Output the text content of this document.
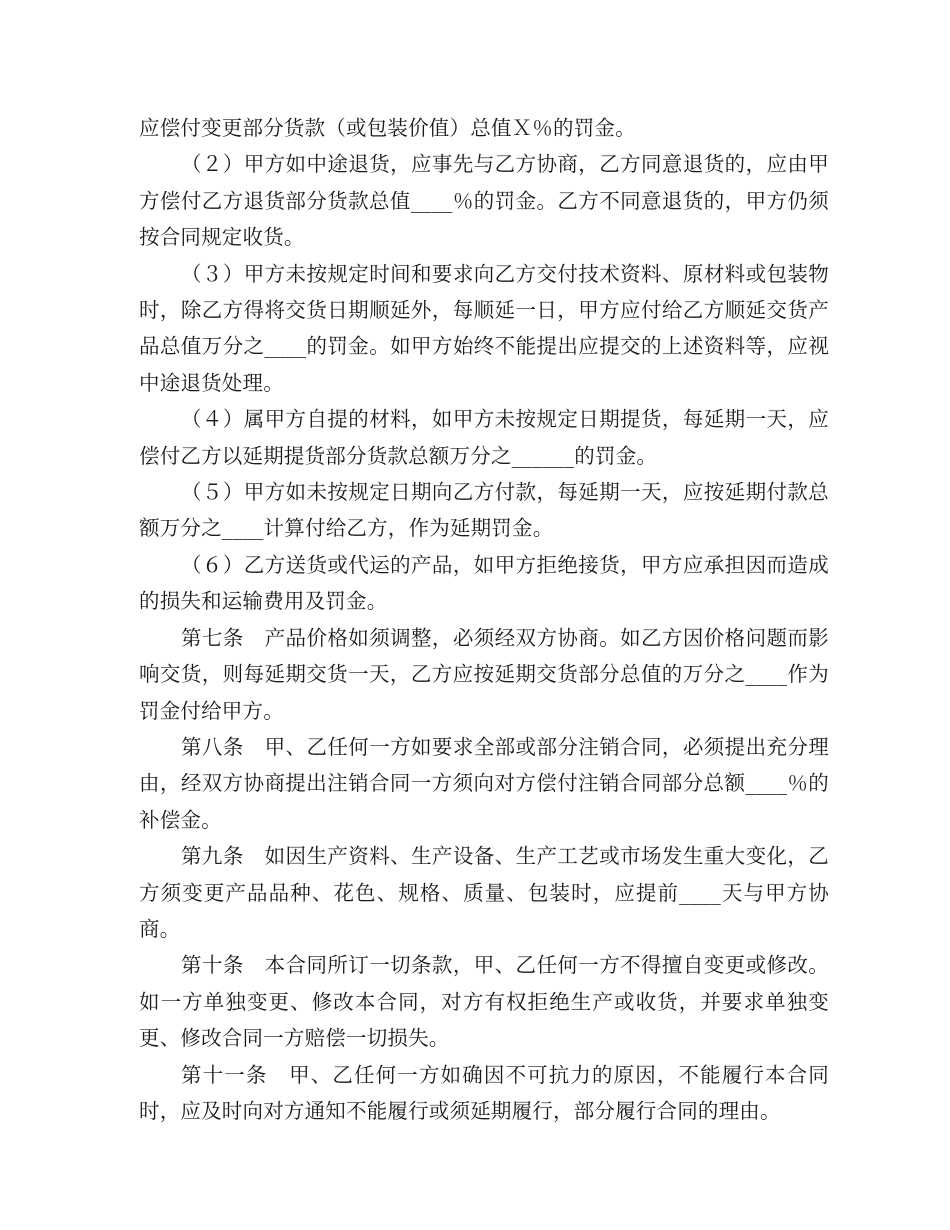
应偿付变更部分货款（或包装价值）总值Ｘ％的罚金。

（２）甲方如中途退货，应事先与乙方协商，乙方同意退货的，应由甲方偿付乙方退货部分货款总值____％的罚金。乙方不同意退货的，甲方仍须按合同规定收货。

（３）甲方未按规定时间和要求向乙方交付技术资料、原材料或包装物时，除乙方得将交货日期顺延外，每顺延一日，甲方应付给乙方顺延交货产品总值万分之____的罚金。如甲方始终不能提出应提交的上述资料等，应视中途退货处理。

（４）属甲方自提的材料，如甲方未按规定日期提货，每延期一天，应偿付乙方以延期提货部分货款总额万分之______的罚金。

（５）甲方如未按规定日期向乙方付款，每延期一天，应按延期付款总额万分之____计算付给乙方，作为延期罚金。

（６）乙方送货或代运的产品，如甲方拒绝接货，甲方应承担因而造成的损失和运输费用及罚金。

第七条　产品价格如须调整，必须经双方协商。如乙方因价格问题而影响交货，则每延期交货一天，乙方应按延期交货部分总值的万分之____作为罚金付给甲方。

第八条　甲、乙任何一方如要求全部或部分注销合同，必须提出充分理由，经双方协商提出注销合同一方须向对方偿付注销合同部分总额____％的补偿金。

第九条　如因生产资料、生产设备、生产工艺或市场发生重大变化，乙方须变更产品品种、花色、规格、质量、包装时，应提前____天与甲方协商。

第十条　本合同所订一切条款，甲、乙任何一方不得擅自变更或修改。如一方单独变更、修改本合同，对方有权拒绝生产或收货，并要求单独变更、修改合同一方赔偿一切损失。

第十一条　甲、乙任何一方如确因不可抗力的原因，不能履行本合同时，应及时向对方通知不能履行或须延期履行，部分履行合同的理由。
